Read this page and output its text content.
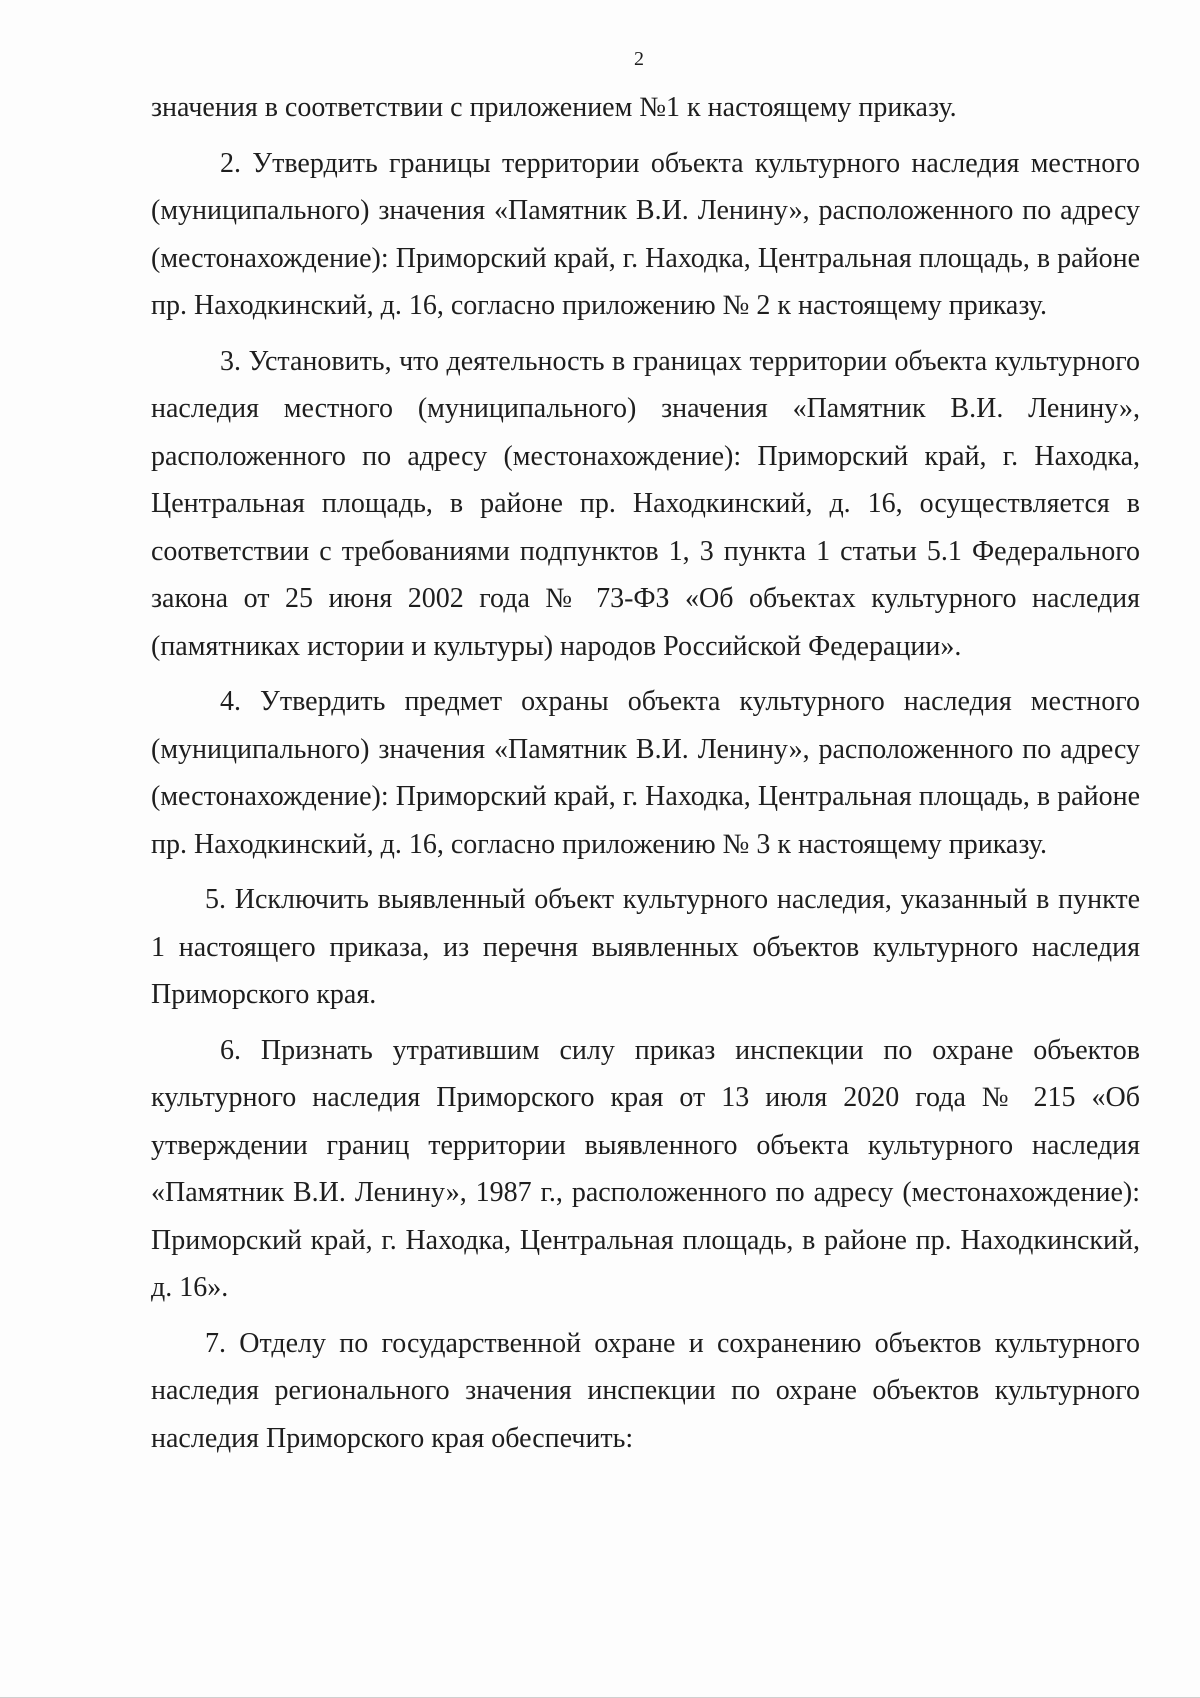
2

значения в соответствии с приложением №1 к настоящему приказу.

2. Утвердить границы территории объекта культурного наследия местного (муниципального) значения «Памятник В.И. Ленину», расположенного по адресу (местонахождение): Приморский край, г. Находка, Центральная площадь, в районе пр. Находкинский, д. 16, согласно приложению № 2 к настоящему приказу.

3. Установить, что деятельность в границах территории объекта культурного наследия местного (муниципального) значения «Памятник В.И. Ленину», расположенного по адресу (местонахождение): Приморский край, г. Находка, Центральная площадь, в районе пр. Находкинский, д. 16, осуществляется в соответствии с требованиями подпунктов 1, 3 пункта 1 статьи 5.1 Федерального закона от 25 июня 2002 года № 73-ФЗ «Об объектах культурного наследия (памятниках истории и культуры) народов Российской Федерации».

4. Утвердить предмет охраны объекта культурного наследия местного (муниципального) значения «Памятник В.И. Ленину», расположенного по адресу (местонахождение): Приморский край, г. Находка, Центральная площадь, в районе пр. Находкинский, д. 16, согласно приложению № 3 к настоящему приказу.

5. Исключить выявленный объект культурного наследия, указанный в пункте 1 настоящего приказа, из перечня выявленных объектов культурного наследия Приморского края.

6. Признать утратившим силу приказ инспекции по охране объектов культурного наследия Приморского края от 13 июля 2020 года № 215 «Об утверждении границ территории выявленного объекта культурного наследия «Памятник В.И. Ленину», 1987 г., расположенного по адресу (местонахождение): Приморский край, г. Находка, Центральная площадь, в районе пр. Находкинский, д. 16».

7. Отделу по государственной охране и сохранению объектов культурного наследия регионального значения инспекции по охране объектов культурного наследия Приморского края обеспечить:
